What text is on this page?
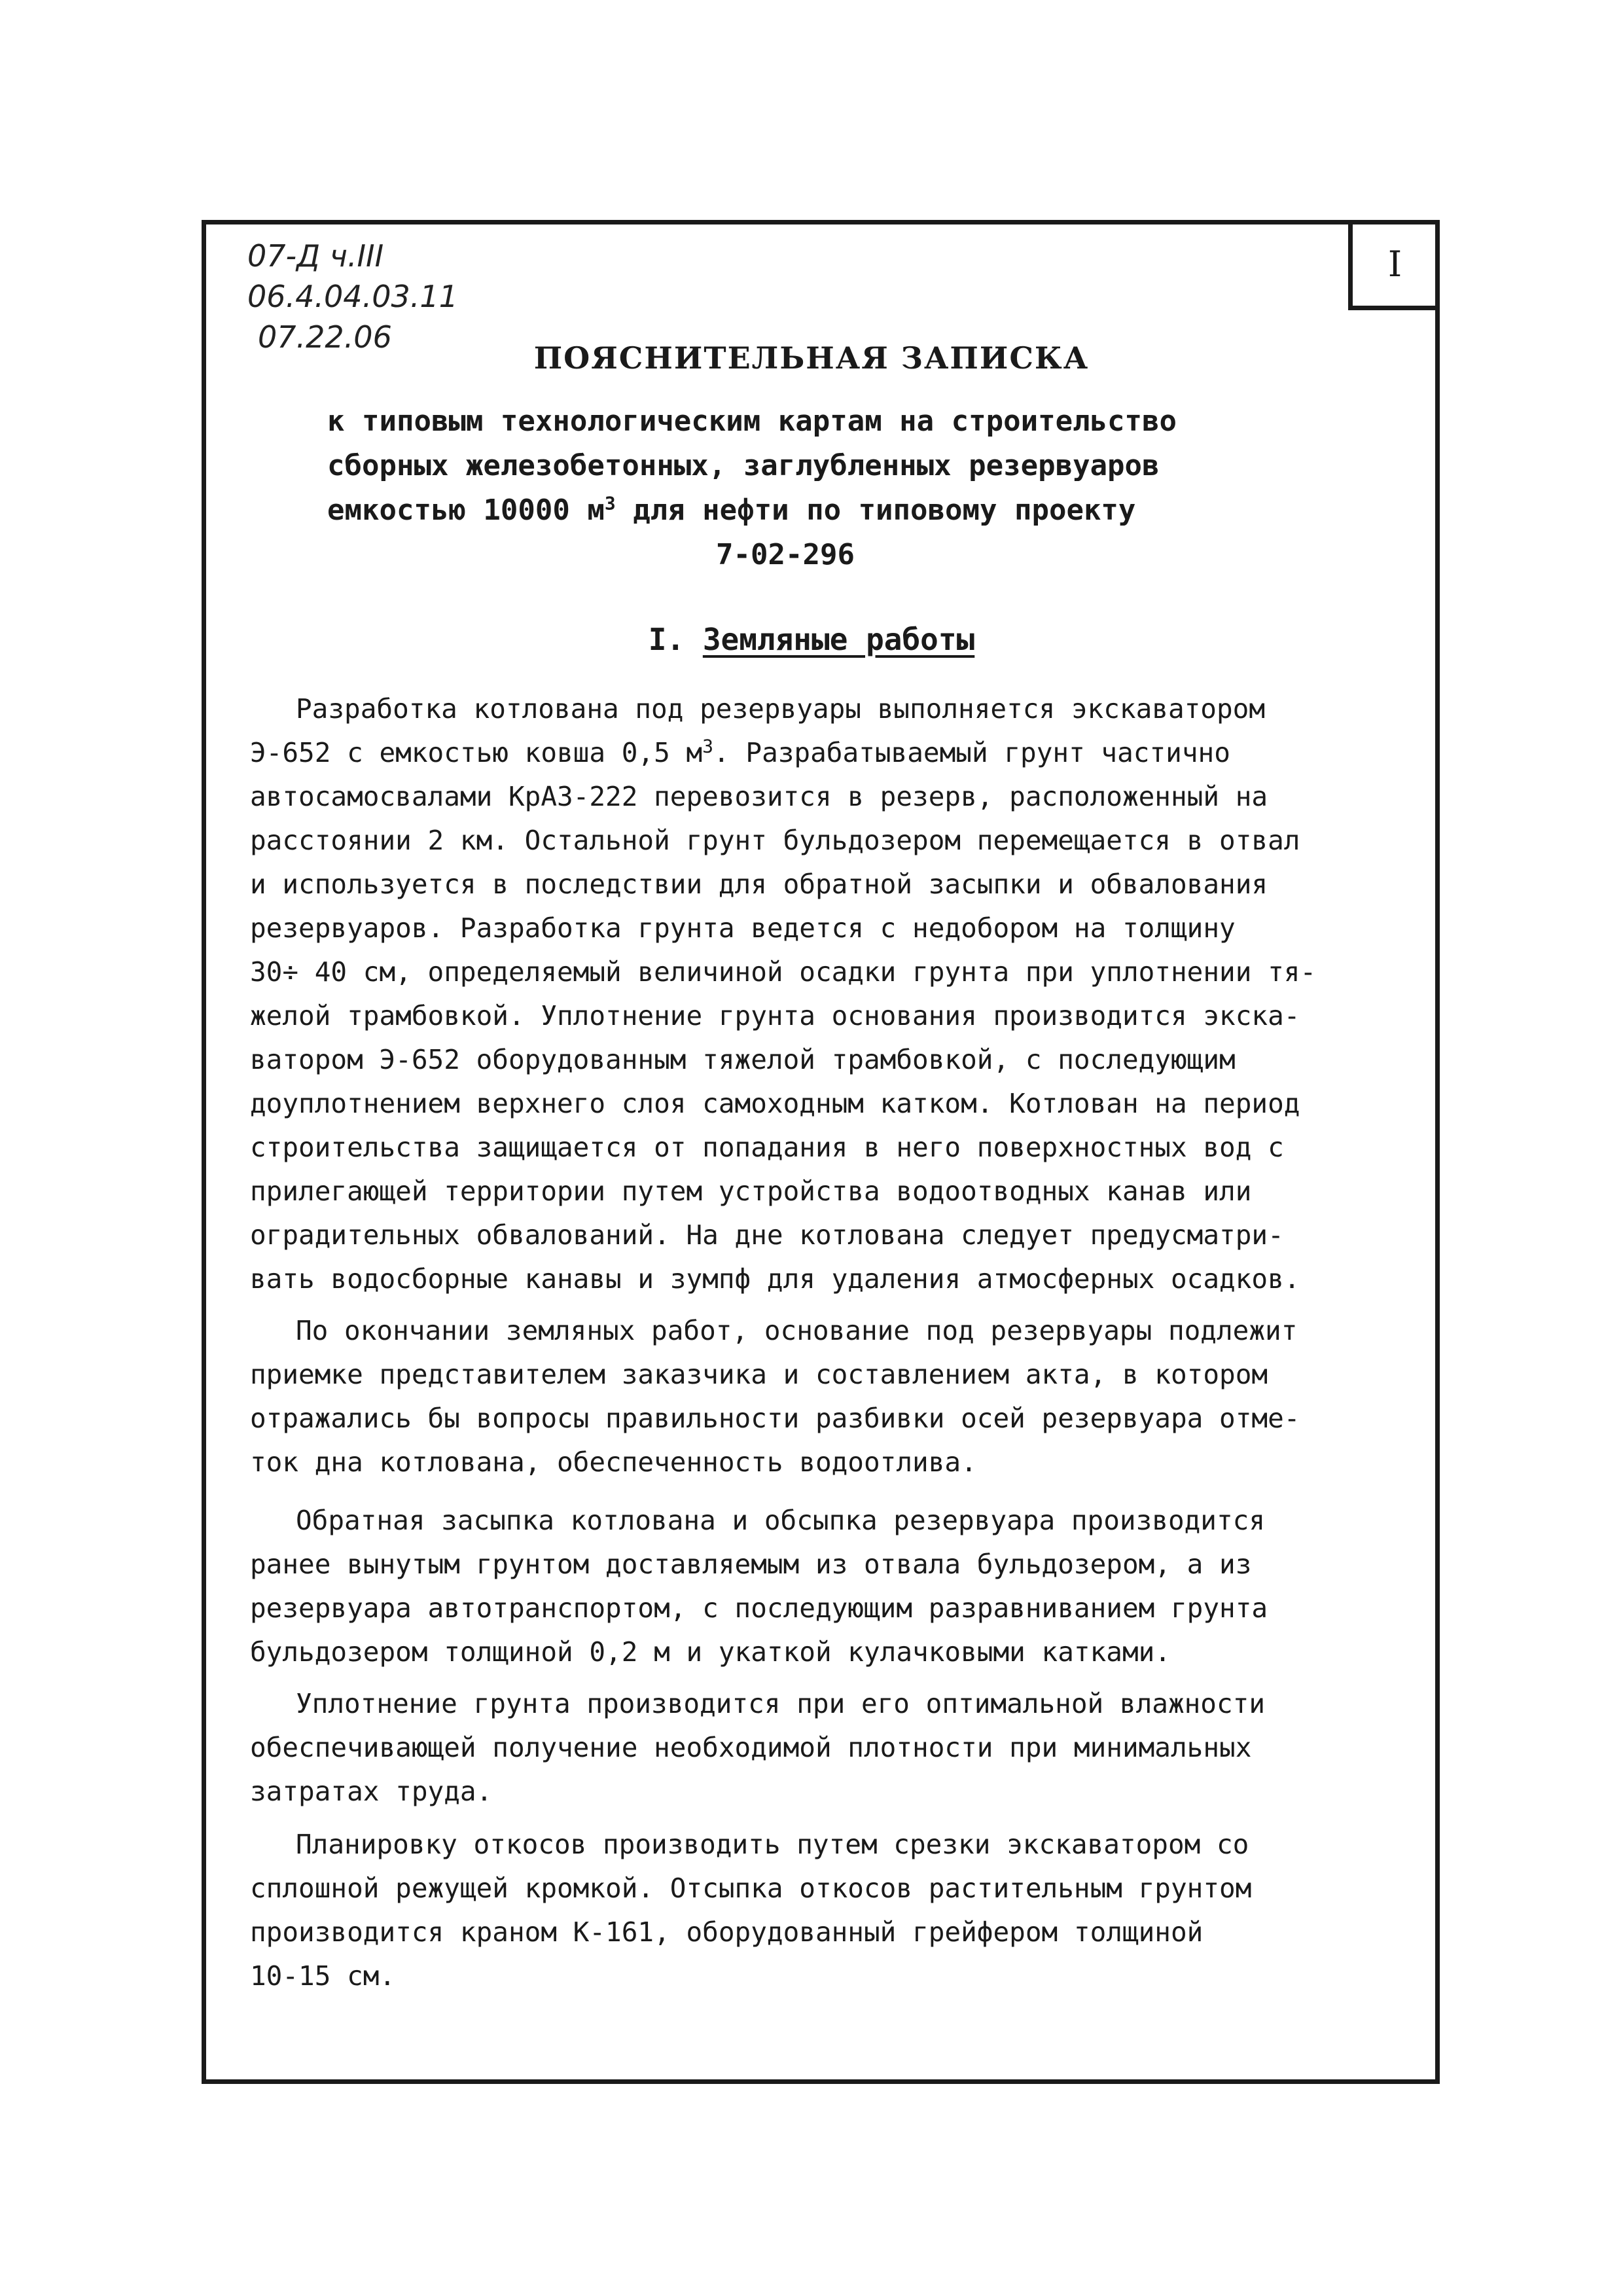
I
07-Д ч.III
06.4.04.03.11
07.22.06
ПОЯСНИТЕЛЬНАЯ ЗАПИСКА
к типовым технологическим картам на строительство
сборных железобетонных, заглубленных резервуаров
емкостью 10000 $м^3$ для нефти по типовому проекту
7-02-296
I. Земляные работы
Разработка котлована под резервуары выполняется экскаватором
Э-652 с емкостью ковша 0,5 $м^3$. Разрабатываемый грунт частично
автосамосвалами КрАЗ-222 перевозится в резерв, расположенный на
расстоянии 2 км. Остальной грунт бульдозером перемещается в отвал
и используется в последствии для обратной засыпки и обвалования
резервуаров. Разработка грунта ведется с недобором на толщину
30÷ 40 см, определяемый величиной осадки грунта при уплотнении тя-
желой трамбовкой. Уплотнение грунта основания производится экска-
ватором Э-652 оборудованным тяжелой трамбовкой, с последующим
доуплотнением верхнего слоя самоходным катком. Котлован на период
строительства защищается от попадания в него поверхностных вод с
прилегающей территории путем устройства водоотводных канав или
оградительных обвалований. На дне котлована следует предусматри-
вать водосборные канавы и зумпф для удаления атмосферных осадков.
По окончании земляных работ, основание под резервуары подлежит
приемке представителем заказчика и составлением акта, в котором
отражались бы вопросы правильности разбивки осей резервуара отме-
ток дна котлована, обеспеченность водоотлива.
Обратная засыпка котлована и обсыпка резервуара производится
ранее вынутым грунтом доставляемым из отвала бульдозером, а из
резервуара автотранспортом, с последующим разравниванием грунта
бульдозером толщиной 0,2 м и укаткой кулачковыми катками.
Уплотнение грунта производится при его оптимальной влажности
обеспечивающей получение необходимой плотности при минимальных
затратах труда.
Планировку откосов производить путем срезки экскаватором со
сплошной режущей кромкой. Отсыпка откосов растительным грунтом
производится краном К-161, оборудованный грейфером толщиной
10-15 см.
